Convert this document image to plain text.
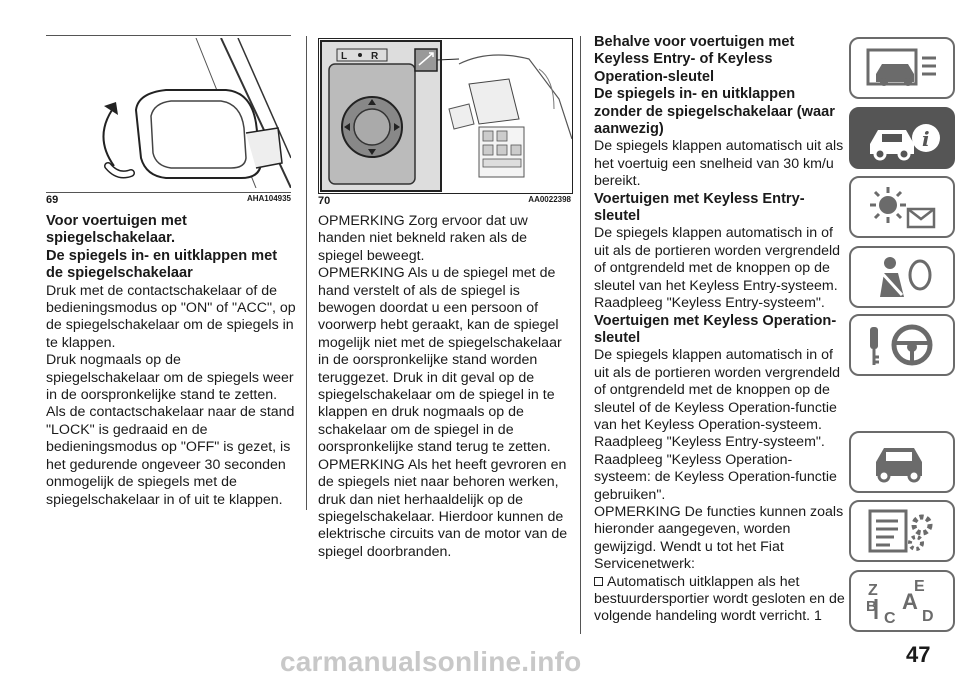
69	AHA104935
L R
70	AA0022398
Voor voertuigen met spiegelschakelaar.
De spiegels in- en uitklappen met de spiegelschakelaar

Druk met de contactschakelaar of de bedieningsmodus op "ON" of "ACC", op de spiegelschakelaar om de spiegels in te klappen.

Druk nogmaals op de spiegelschakelaar om de spiegels weer in de oorspronkelijke stand te zetten.

Als de contactschakelaar naar de stand "LOCK" is gedraaid en de bedieningsmodus op "OFF" is gezet, is het gedurende ongeveer 30 seconden onmogelijk de spiegels met de spiegelschakelaar in of uit te klappen.

OPMERKING Zorg ervoor dat uw handen niet bekneld raken als de spiegel beweegt.

OPMERKING Als u de spiegel met de hand verstelt of als de spiegel is bewogen doordat u een persoon of voorwerp hebt geraakt, kan de spiegel mogelijk niet met de spiegelschakelaar in de oorspronkelijke stand worden teruggezet. Druk in dit geval op de spiegelschakelaar om de spiegel in te klappen en druk nogmaals op de schakelaar om de spiegel in de oorspronkelijke stand terug te zetten.

OPMERKING Als het heeft gevroren en de spiegels niet naar behoren werken, druk dan niet herhaaldelijk op de spiegelschakelaar. Hierdoor kunnen de elektrische circuits van de motor van de spiegel doorbranden.

Behalve voor voertuigen met Keyless Entry- of Keyless Operation-sleutel
De spiegels in- en uitklappen zonder de spiegelschakelaar (waar aanwezig)

De spiegels klappen automatisch uit als het voertuig een snelheid van 30 km/u bereikt.

Voertuigen met Keyless Entry-sleutel

De spiegels klappen automatisch in of uit als de portieren worden vergrendeld of ontgrendeld met de knoppen op de sleutel van het Keyless Entry-systeem.

Raadpleeg "Keyless Entry-systeem".

Voertuigen met Keyless Operation-sleutel

De spiegels klappen automatisch in of uit als de portieren worden vergrendeld of ontgrendeld met de knoppen op de sleutel of de Keyless Operation-functie van het Keyless Operation-systeem.

Raadpleeg "Keyless Entry-systeem".

Raadpleeg "Keyless Operation-systeem: de Keyless Operation-functie gebruiken".

OPMERKING De functies kunnen zoals hieronder aangegeven, worden gewijzigd. Wendt u tot het Fiat Servicenetwerk:

Automatisch uitklappen als het bestuurdersportier wordt gesloten en de volgende handeling wordt verricht. 1

i
Z E
B A
C D
47
carmanualsonline.info
